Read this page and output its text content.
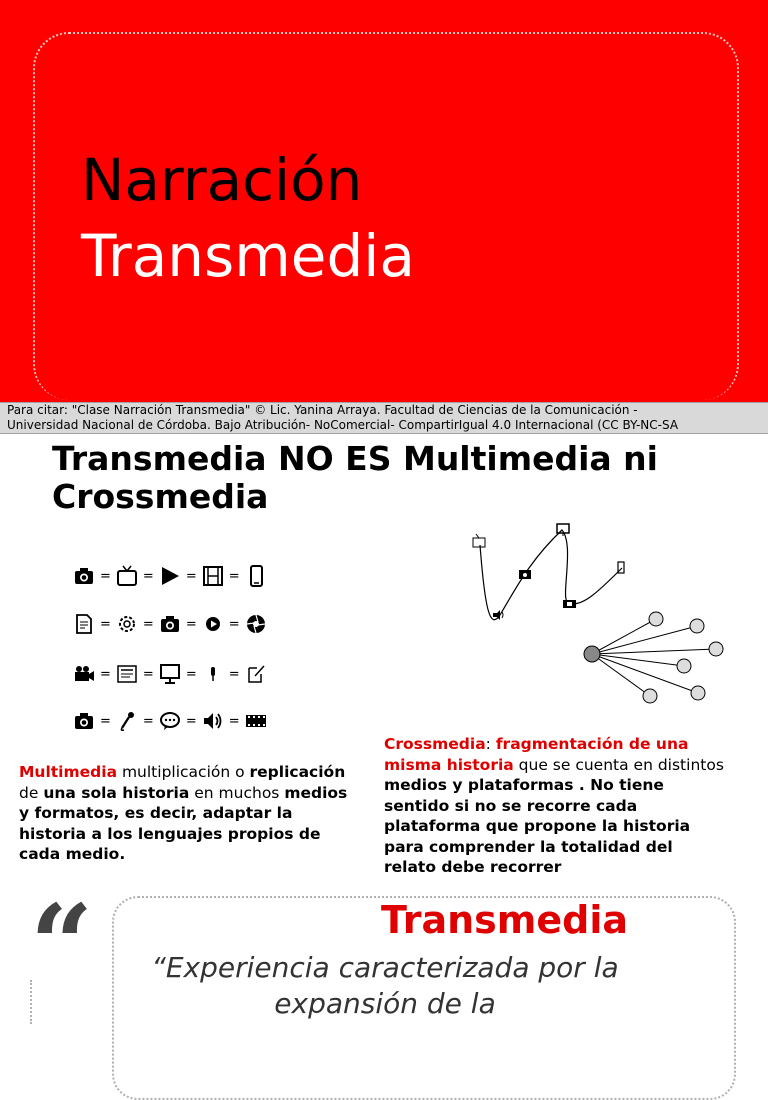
Narración
Transmedia
Para citar: "Clase Narración Transmedia" © Lic. Yanina Arraya. Facultad de Ciencias de la Comunicación -
Universidad Nacional de Córdoba. Bajo Atribución- NoComercial- CompartirIgual 4.0 Internacional (CC BY-NC-SA
Transmedia NO ES Multimedia ni Crossmedia
= = = =
= = = =
= = = =
= = = =
Multimedia multiplicación o replicación de una sola historia en muchos medios y formatos, es decir, adaptar la historia a los lenguajes propios de cada medio.
Crossmedia: fragmentación de una misma historia que se cuenta en distintos medios y plataformas . No tiene sentido si no se recorre cada plataforma que propone la historia para comprender la totalidad del relato debe recorrer
“	Transmedia
“Experiencia caracterizada por la expansión de la
